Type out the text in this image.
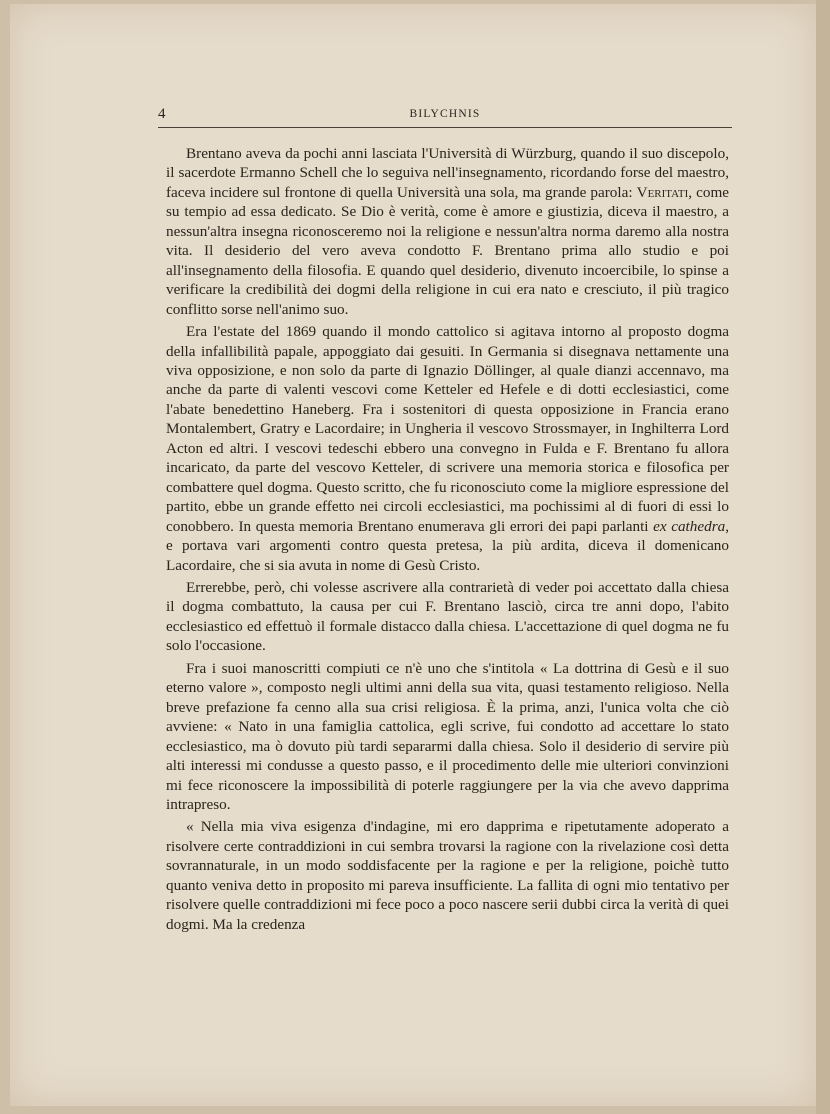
4	BILYCHNIS

Brentano aveva da pochi anni lasciata l'Università di Würzburg, quando il suo discepolo, il sacerdote Ermanno Schell che lo seguiva nell'insegnamento, ricordando forse del maestro, faceva incidere sul frontone di quella Università una sola, ma grande parola: Veritati, come su tempio ad essa dedicato. Se Dio è verità, come è amore e giustizia, diceva il maestro, a nessun'altra insegna riconosceremo noi la religione e nessun'altra norma daremo alla nostra vita. Il desiderio del vero aveva condotto F. Brentano prima allo studio e poi all'insegnamento della filosofia. E quando quel desiderio, divenuto incoercibile, lo spinse a verificare la credibilità dei dogmi della religione in cui era nato e cresciuto, il più tragico conflitto sorse nell'animo suo.

Era l'estate del 1869 quando il mondo cattolico si agitava intorno al proposto dogma della infallibilità papale, appoggiato dai gesuiti. In Germania si disegnava nettamente una viva opposizione, e non solo da parte di Ignazio Döllinger, al quale dianzi accennavo, ma anche da parte di valenti vescovi come Ketteler ed Hefele e di dotti ecclesiastici, come l'abate benedettino Haneberg. Fra i sostenitori di questa opposizione in Francia erano Montalembert, Gratry e Lacordaire; in Ungheria il vescovo Strossmayer, in Inghilterra Lord Acton ed altri. I vescovi tedeschi ebbero una convegno in Fulda e F. Brentano fu allora incaricato, da parte del vescovo Ketteler, di scrivere una memoria storica e filosofica per combattere quel dogma. Questo scritto, che fu riconosciuto come la migliore espressione del partito, ebbe un grande effetto nei circoli ecclesiastici, ma pochissimi al di fuori di essi lo conobbero. In questa memoria Brentano enumerava gli errori dei papi parlanti ex cathedra, e portava vari argomenti contro questa pretesa, la più ardita, diceva il domenicano Lacordaire, che si sia avuta in nome di Gesù Cristo.

Errerebbe, però, chi volesse ascrivere alla contrarietà di veder poi accettato dalla chiesa il dogma combattuto, la causa per cui F. Brentano lasciò, circa tre anni dopo, l'abito ecclesiastico ed effettuò il formale distacco dalla chiesa. L'accettazione di quel dogma ne fu solo l'occasione.

Fra i suoi manoscritti compiuti ce n'è uno che s'intitola « La dottrina di Gesù e il suo eterno valore », composto negli ultimi anni della sua vita, quasi testamento religioso. Nella breve prefazione fa cenno alla sua crisi religiosa. È la prima, anzi, l'unica volta che ciò avviene: « Nato in una famiglia cattolica, egli scrive, fui condotto ad accettare lo stato ecclesiastico, ma ò dovuto più tardi separarmi dalla chiesa. Solo il desiderio di servire più alti interessi mi condusse a questo passo, e il procedimento delle mie ulteriori convinzioni mi fece riconoscere la impossibilità di poterle raggiungere per la via che avevo dapprima intrapreso.

« Nella mia viva esigenza d'indagine, mi ero dapprima e ripetutamente adoperato a risolvere certe contraddizioni in cui sembra trovarsi la ragione con la rivelazione così detta sovrannaturale, in un modo soddisfacente per la ragione e per la religione, poichè tutto quanto veniva detto in proposito mi pareva insufficiente. La fallita di ogni mio tentativo per risolvere quelle contraddizioni mi fece poco a poco nascere serii dubbi circa la verità di quei dogmi. Ma la credenza
